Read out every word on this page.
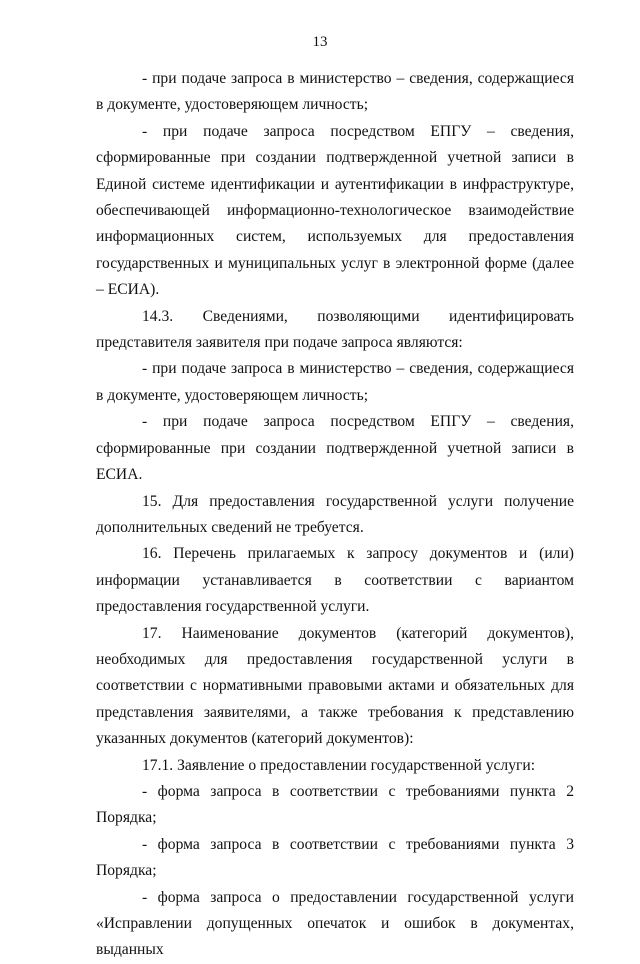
13

- при подаче запроса в министерство – сведения, содержащиеся в документе, удостоверяющем личность;

- при подаче запроса посредством ЕПГУ – сведения, сформированные при создании подтвержденной учетной записи в Единой системе идентификации и аутентификации в инфраструктуре, обеспечивающей информационно-технологическое взаимодействие информационных систем, используемых для предоставления государственных и муниципальных услуг в электронной форме (далее – ЕСИА).

14.3. Сведениями, позволяющими идентифицировать представителя заявителя при подаче запроса являются:

- при подаче запроса в министерство – сведения, содержащиеся в документе, удостоверяющем личность;

- при подаче запроса посредством ЕПГУ – сведения, сформированные при создании подтвержденной учетной записи в ЕСИА.

15. Для предоставления государственной услуги получение дополнительных сведений не требуется.

16. Перечень прилагаемых к запросу документов и (или) информации устанавливается в соответствии с вариантом предоставления государственной услуги.

17. Наименование документов (категорий документов), необходимых для предоставления государственной услуги в соответствии с нормативными правовыми актами и обязательных для представления заявителями, а также требования к представлению указанных документов (категорий документов):

17.1. Заявление о предоставлении государственной услуги:

- форма запроса в соответствии с требованиями пункта 2 Порядка;

- форма запроса в соответствии с требованиями пункта 3 Порядка;

- форма запроса о предоставлении государственной услуги «Исправлении допущенных опечаток и ошибок в документах, выданных
